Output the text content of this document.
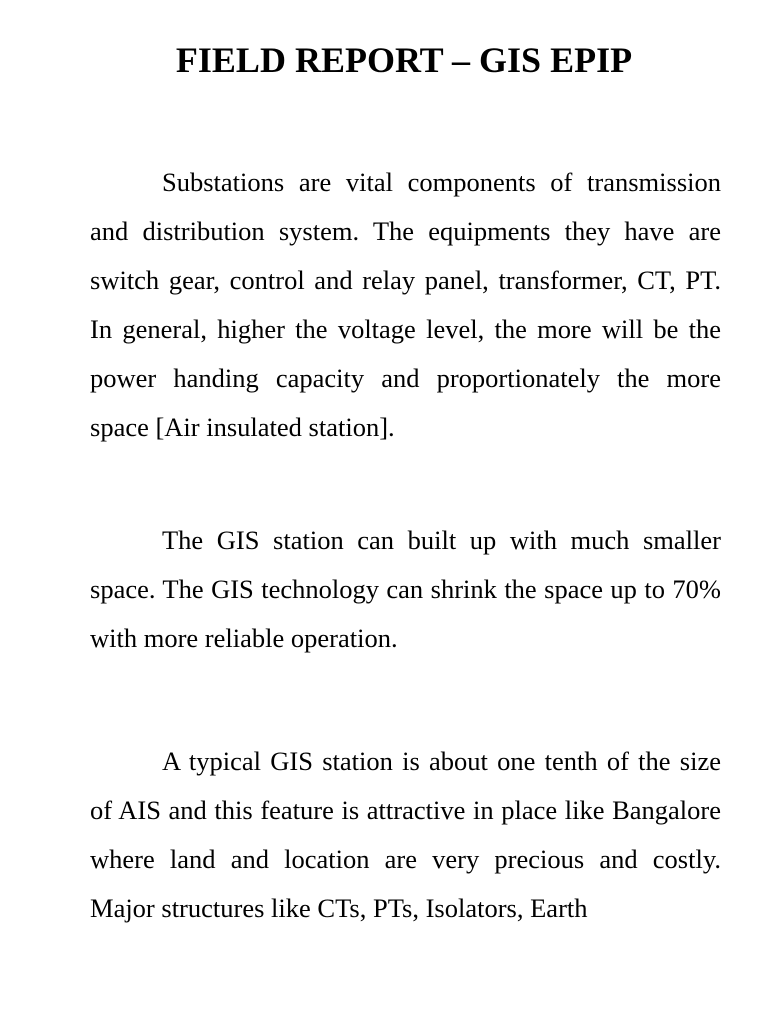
FIELD REPORT – GIS EPIP

Substations are vital components of transmission and distribution system. The equipments they have are switch gear, control and relay panel, transformer, CT, PT. In general, higher the voltage level, the more will be the power handing capacity and proportionately the more space [Air insulated station].

The GIS station can built up with much smaller space. The GIS technology can shrink the space up to 70% with more reliable operation.

A typical GIS station is about one tenth of the size of AIS and this feature is attractive in place like Bangalore where land and location are very precious and costly. Major structures like CTs, PTs, Isolators, Earth
